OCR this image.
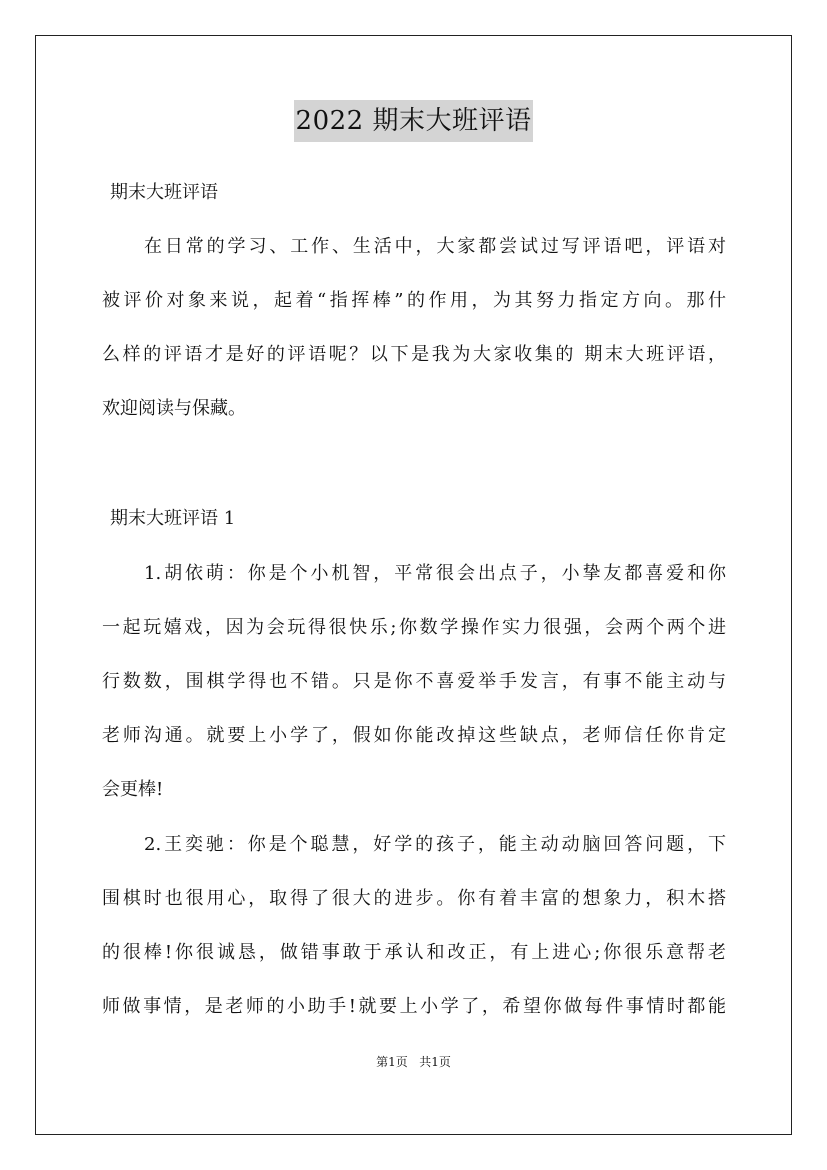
2022 期末大班评语
期末大班评语
在日常的学习、工作、生活中，大家都尝试过写评语吧，评语对
被评价对象来说，起着“指挥棒”的作用，为其努力指定方向。那什
么样的评语才是好的评语呢？以下是我为大家收集的 期末大班评语，
欢迎阅读与保藏。
期末大班评语 1
1.胡依萌：你是个小机智，平常很会出点子，小挚友都喜爱和你
一起玩嬉戏，因为会玩得很快乐;你数学操作实力很强，会两个两个进
行数数，围棋学得也不错。只是你不喜爱举手发言，有事不能主动与
老师沟通。就要上小学了，假如你能改掉这些缺点，老师信任你肯定
会更棒!
2.王奕驰：你是个聪慧，好学的孩子，能主动动脑回答问题，下
围棋时也很用心，取得了很大的进步。你有着丰富的想象力，积木搭
的很棒!你很诚恳，做错事敢于承认和改正，有上进心;你很乐意帮老
师做事情，是老师的小助手!就要上小学了，希望你做每件事情时都能
第1页 共1页
